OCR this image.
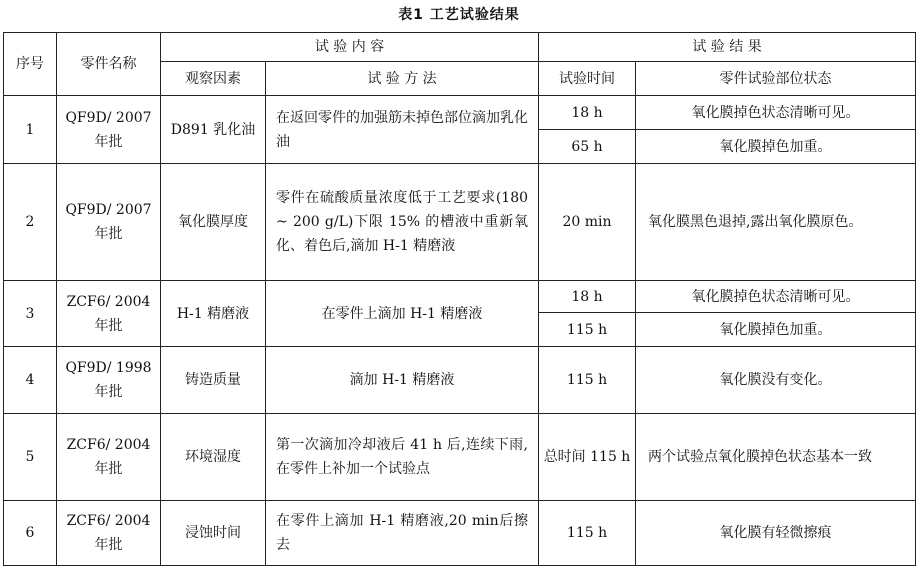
表1 工艺试验结果
序号	零件名称	试 验 内 容		试 验 结 果	
		观察因素	试 验 方 法	试验时间	零件试验部位状态
1	QF9D/ 2007 年批	D891 乳化油	在返回零件的加强筋未掉色部位滴加乳化油	18 h	氧化膜掉色状态清晰可见。
				65 h	氧化膜掉色加重。
2	QF9D/ 2007 年批	氧化膜厚度	零件在硫酸质量浓度低于工艺要求(180 ~ 200 g/L)下限 15% 的槽液中重新氧化、着色后,滴加 H-1 精磨液	20 min	氧化膜黑色退掉,露出氧化膜原色。
3	ZCF6/ 2004 年批	H-1 精磨液	在零件上滴加 H-1 精磨液	18 h	氧化膜掉色状态清晰可见。
				115 h	氧化膜掉色加重。
4	QF9D/ 1998 年批	铸造质量	滴加 H-1 精磨液	115 h	氧化膜没有变化。
5	ZCF6/ 2004 年批	环境湿度	第一次滴加冷却液后 41 h 后,连续下雨,在零件上补加一个试验点	总时间 115 h	两个试验点氧化膜掉色状态基本一致
6	ZCF6/ 2004 年批	浸蚀时间	在零件上滴加 H-1 精磨液,20 min后擦去	115 h	氧化膜有轻微擦痕
